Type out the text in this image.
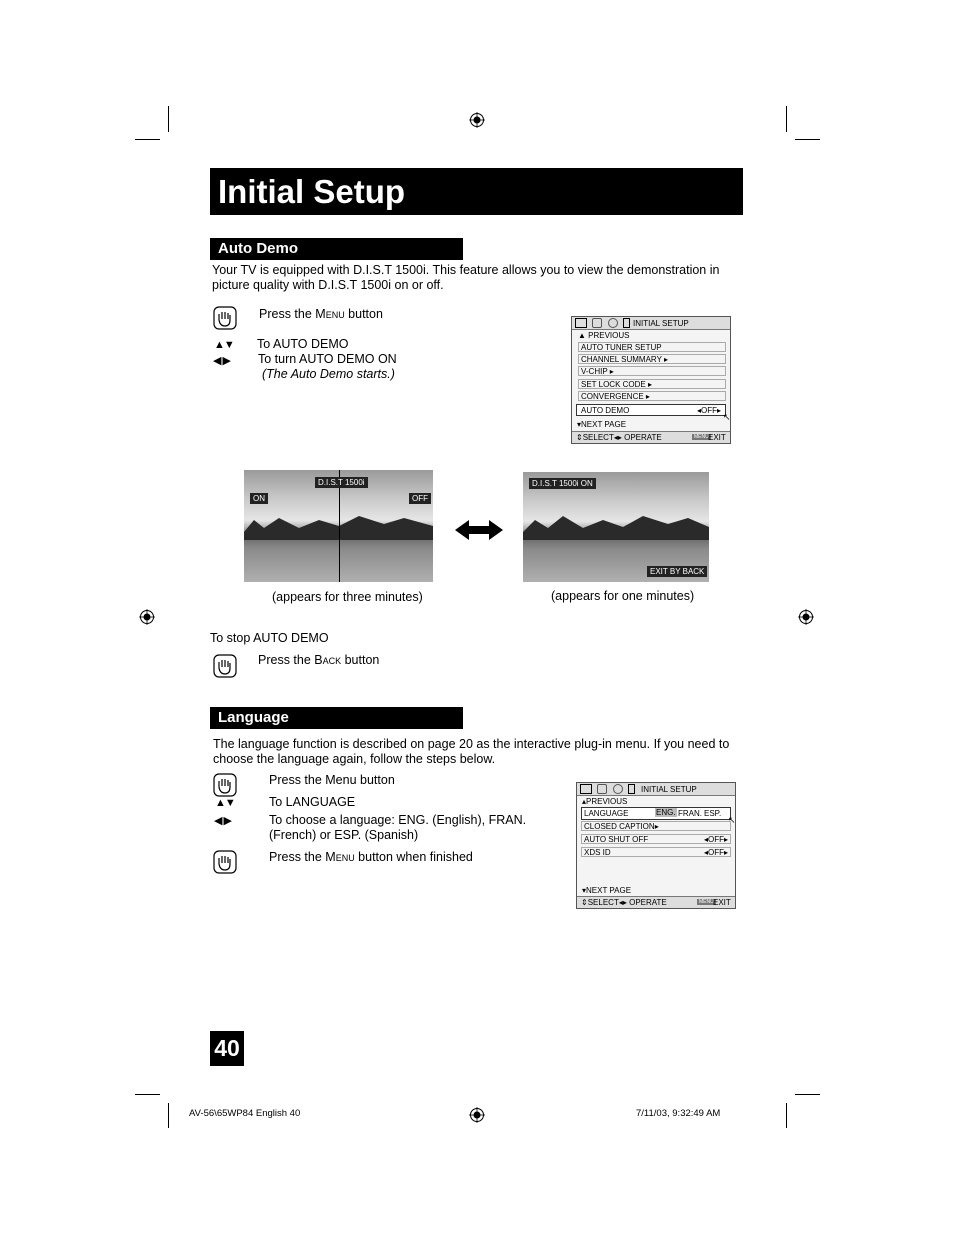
Initial Setup
Auto Demo
Your TV is equipped with D.I.S.T 1500i. This feature allows you to view the demonstration in
picture quality with D.I.S.T 1500i on or off.
Press the Menu button
▲▼ To AUTO DEMO
◀ ▶ To turn AUTO DEMO ON
(The Auto Demo starts.)
INITIAL SETUP
▲ PREVIOUS
AUTO TUNER SETUP
CHANNEL SUMMARY ▸
V-CHIP ▸
SET LOCK CODE ▸
CONVERGENCE ▸
AUTO DEMO	◂OFF▸
↖
▾NEXT PAGE
⇕SELECT◂▸ OPERATE	MENU EXIT
D.I.S.T 1500i
ON	OFF
D.I.S.T 1500i ON
EXIT BY BACK
(appears for three minutes)	(appears for one minutes)
To stop AUTO DEMO
Press the Back button
Language
The language function is described on page 20 as the interactive plug-in menu. If you need to
choose the language again, follow the steps below.
Press the Menu button
▲▼	To LANGUAGE
◀ ▶	To choose a language: ENG. (English), FRAN.
(French) or ESP. (Spanish)
Press the Menu button when finished
INITIAL SETUP
▴PREVIOUS
LANGUAGE	ENG. FRAN. ESP.
↖
CLOSED CAPTION▸
AUTO SHUT OFF	◂OFF▸
XDS ID	◂OFF▸
▾NEXT PAGE
⇕SELECT◂▸ OPERATE	MENU EXIT
40
AV-56\65WP84 English 40	7/11/03, 9:32:49 AM
